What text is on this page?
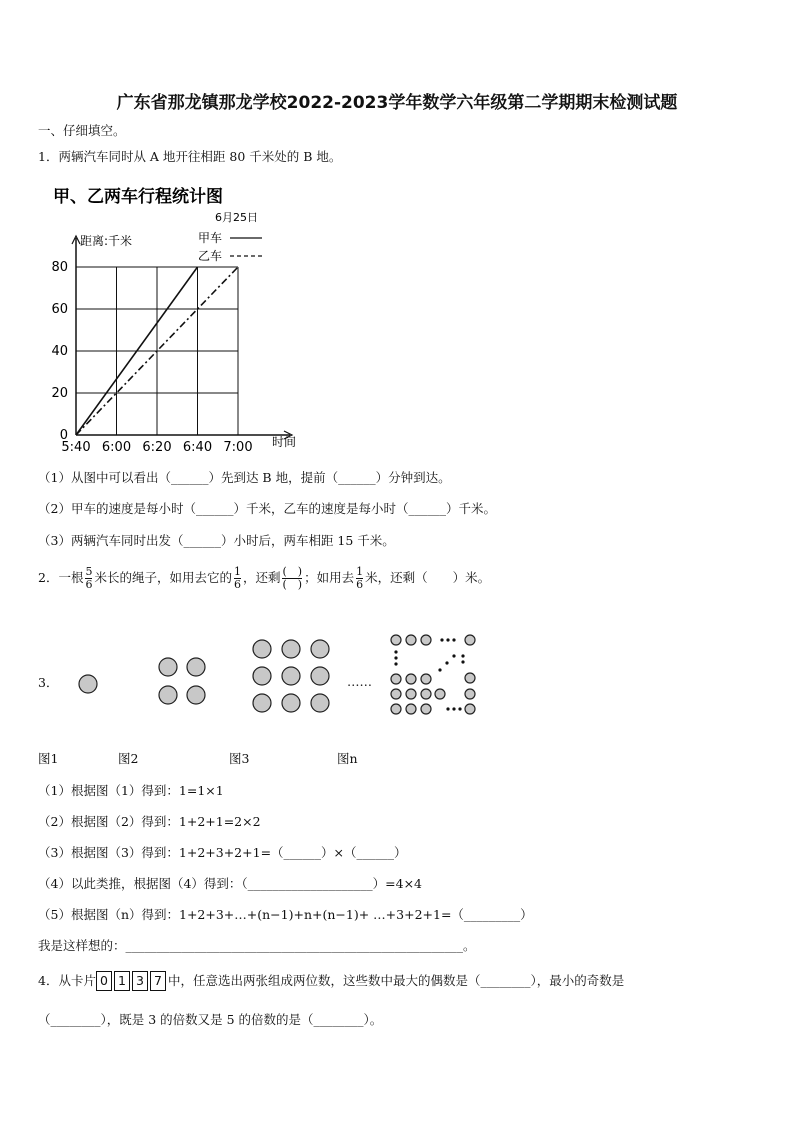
广东省那龙镇那龙学校2022-2023学年数学六年级第二学期期末检测试题
一、仔细填空。
1．两辆汽车同时从 A 地开往相距 80 千米处的 B 地。
甲、乙两车行程统计图
6月25日
距离:千米
时间
0
20
40
60
80
5:40 6:00 6:20 6:40 7:00
甲车
乙车
（1）从图中可以看出（______）先到达 B 地，提前（______）分钟到达。
（2）甲车的速度是每小时（______）千米，乙车的速度是每小时（______）千米。
（3）两辆汽车同时出发（______）小时后，两车相距 15 千米。
2．一根 $\frac{5}{6}$ 米长的绳子，如用去它的 $\frac{1}{6}$ ，还剩 $\frac{( )}{( )}$ ；如用去 $\frac{1}{6}$ 米，还剩（　　）米。
3．	……
图1	图2	图3	图n
（1）根据图（1）得到：1=1×1
（2）根据图（2）得到：1+2+1=2×2
（3）根据图（3）得到：1+2+3+2+1=（______）×（______）
（4）以此类推，根据图（4）得到：（____________________）=4×4
（5）根据图（n）得到：1+2+3+…+(n−1)+n+(n−1)+ …+3+2+1=（_________）
我是这样想的：______________________________________________________。
4．从卡片 0 1 3 7 中，任意选出两张组成两位数，这些数中最大的偶数是（________），最小的奇数是
（________），既是 3 的倍数又是 5 的倍数的是（________）。
